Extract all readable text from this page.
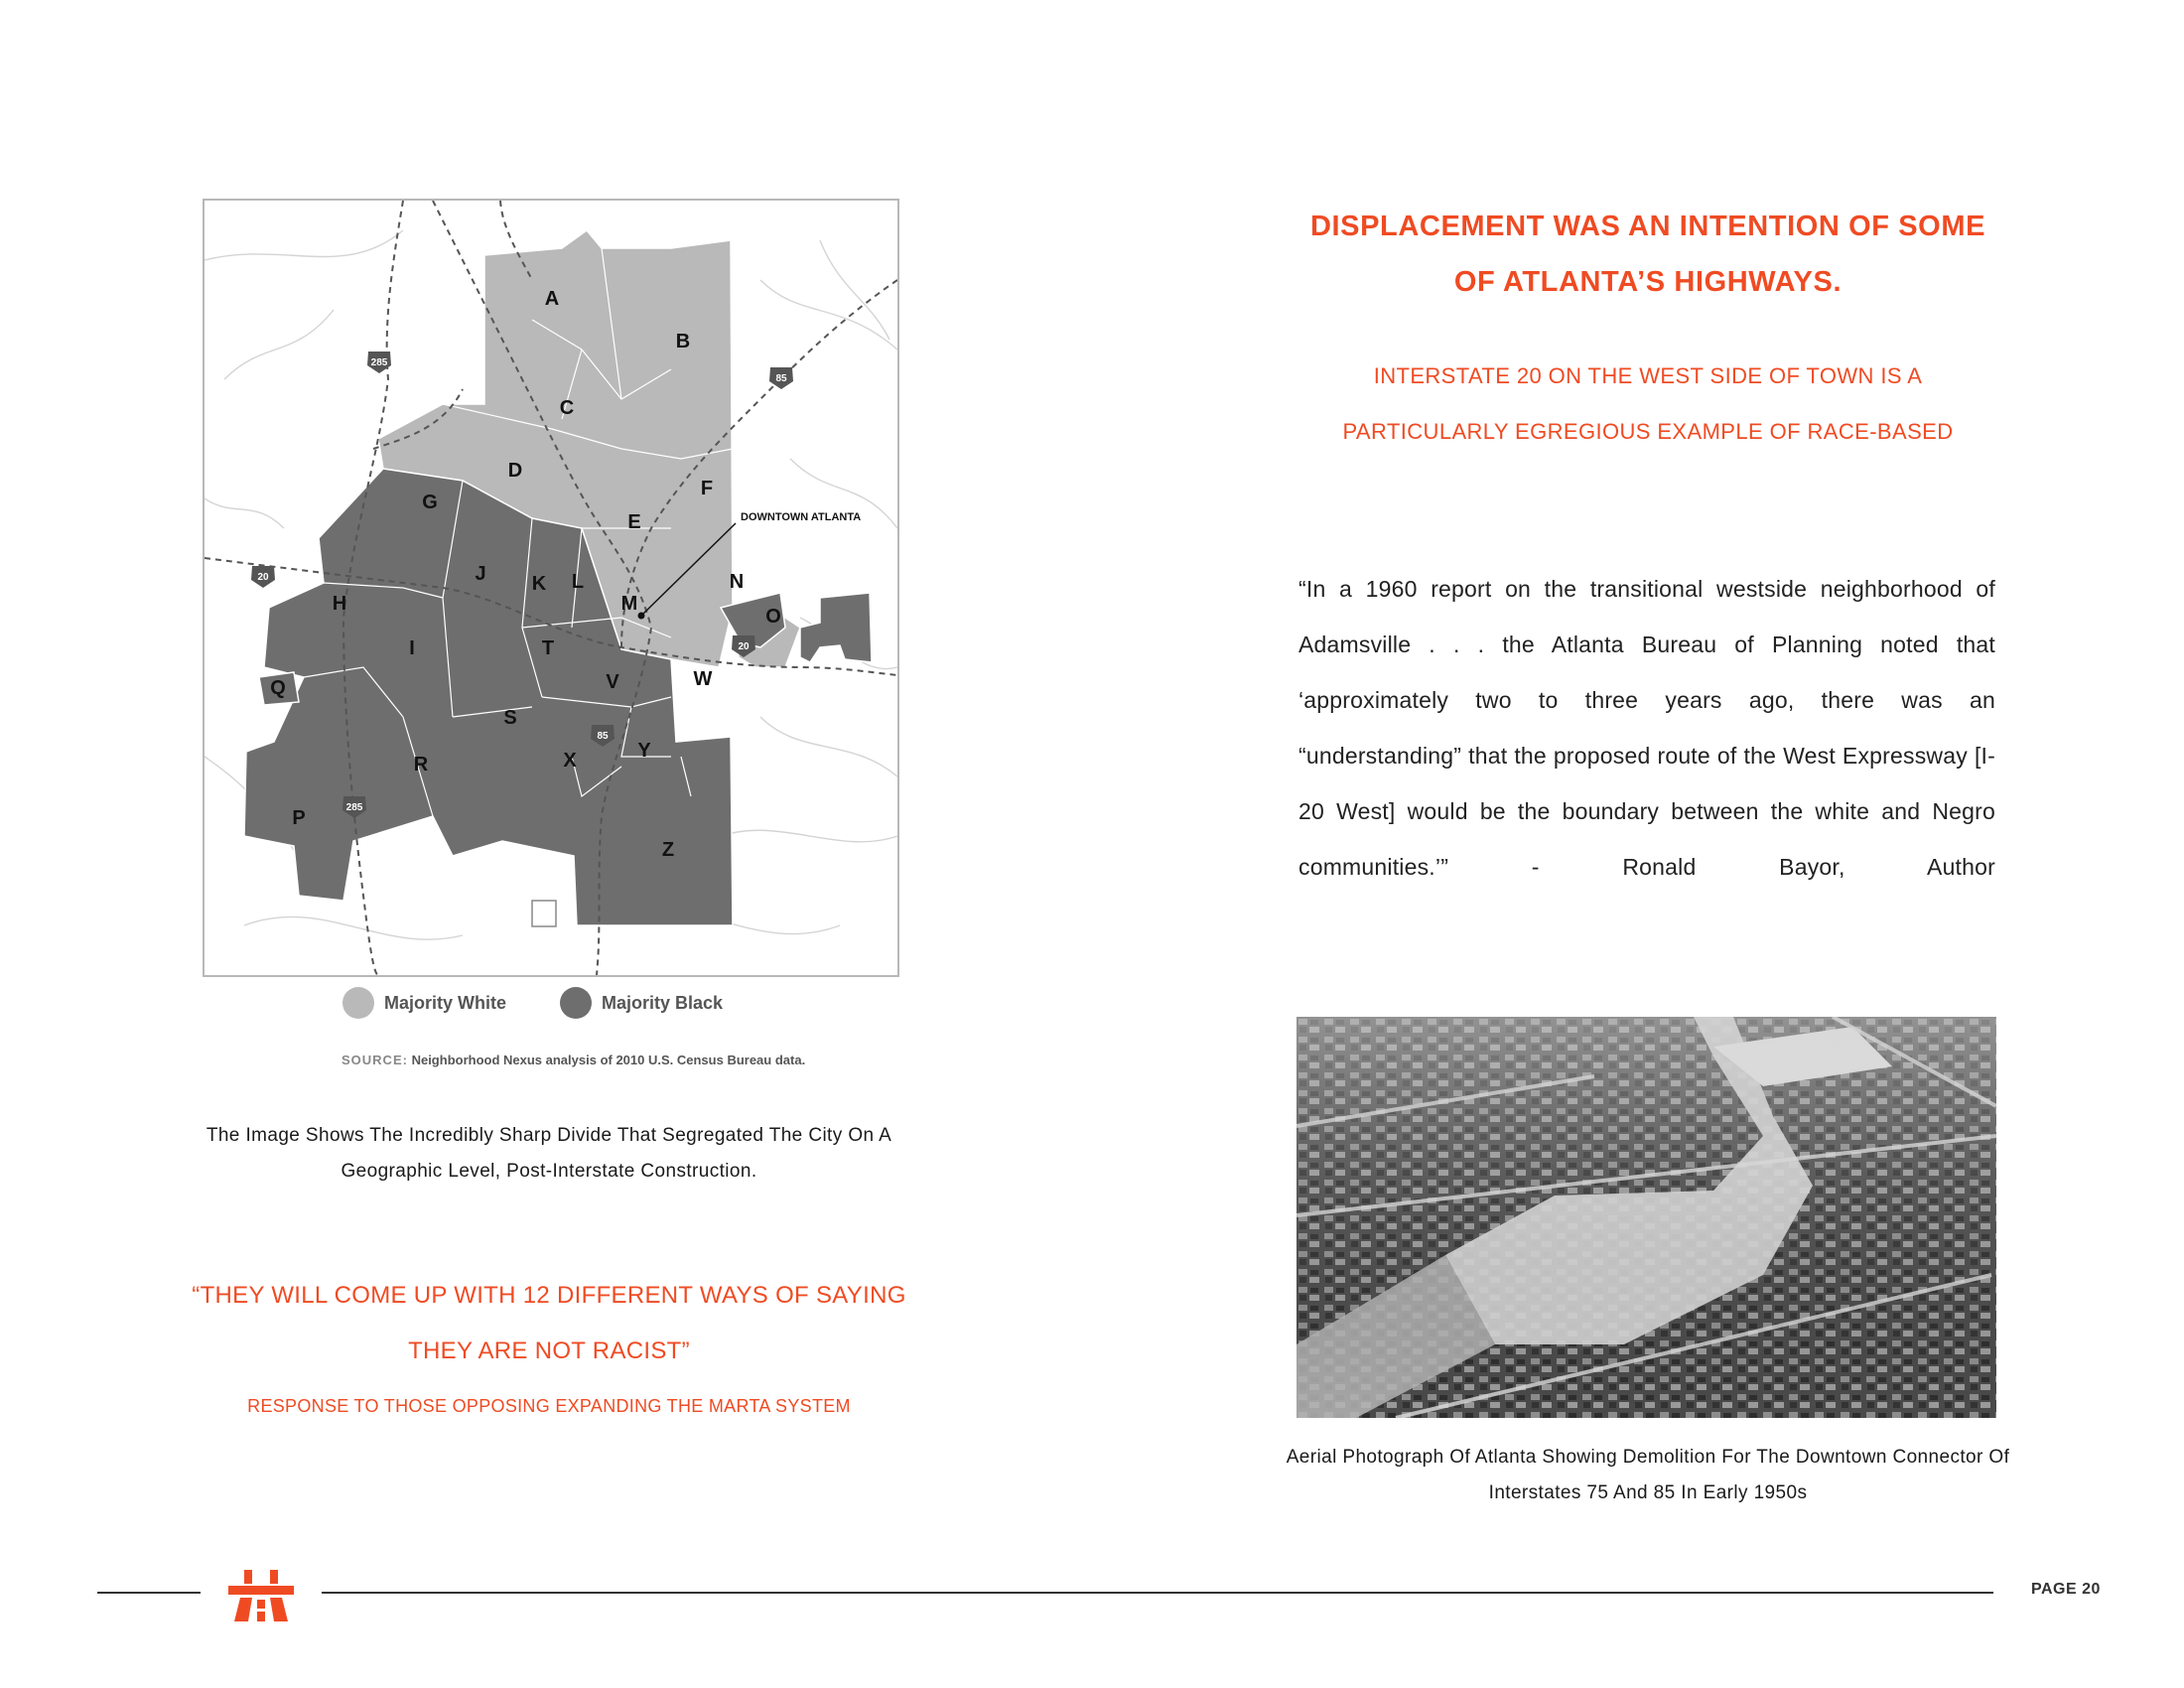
DOWNTOWN ATLANTA
285
85
20
20
85
285
A
B
C
D
E
F
G
H
I
J K L
M
N
O
P
Q
R
S
T
V	W
X	Y
Z
Majority White	Majority Black
SOURCE: Neighborhood Nexus analysis of 2010 U.S. Census Bureau data.
The Image Shows The Incredibly Sharp Divide That Segregated The City On A Geographic Level, Post-Interstate Construction.
“THEY WILL COME UP WITH 12 DIFFERENT WAYS OF SAYING THEY ARE NOT RACIST”
RESPONSE TO THOSE OPPOSING EXPANDING THE MARTA SYSTEM
DISPLACEMENT WAS AN INTENTION OF SOME OF ATLANTA’S HIGHWAYS.
INTERSTATE 20 ON THE WEST SIDE OF TOWN IS A PARTICULARLY EGREGIOUS EXAMPLE OF RACE-BASED
“In a 1960 report on the transitional westside neighborhood of Adamsville . . . the Atlanta Bureau of Planning noted that ‘approximately two to three years ago, there was an “understanding” that the proposed route of the West Expressway [I-20 West] would be the boundary between the white and Negro communities.’” - Ronald Bayor, Author
Aerial Photograph Of Atlanta Showing Demolition For The Downtown Connector Of Interstates 75 And 85 In Early 1950s
PAGE 20
